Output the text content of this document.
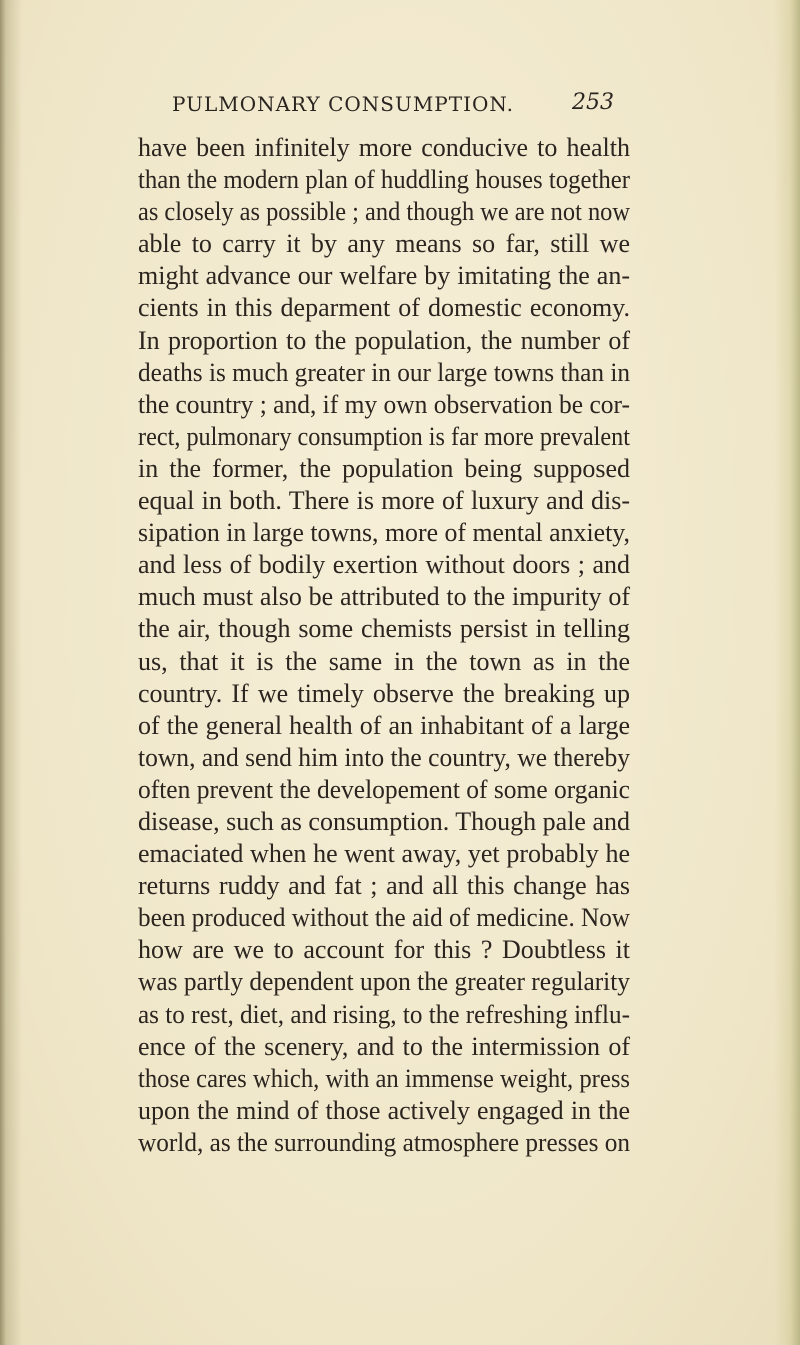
PULMONARY CONSUMPTION.	253
have been infinitely more conducive to health
than the modern plan of huddling houses together
as closely as possible ; and though we are not now
able to carry it by any means so far, still we
might advance our welfare by imitating the an-
cients in this deparment of domestic economy.
In proportion to the population, the number of
deaths is much greater in our large towns than in
the country ; and, if my own observation be cor-
rect, pulmonary consumption is far more prevalent
in the former, the population being supposed
equal in both. There is more of luxury and dis-
sipation in large towns, more of mental anxiety,
and less of bodily exertion without doors ; and
much must also be attributed to the impurity of
the air, though some chemists persist in telling
us, that it is the same in the town as in the
country. If we timely observe the breaking up
of the general health of an inhabitant of a large
town, and send him into the country, we thereby
often prevent the developement of some organic
disease, such as consumption. Though pale and
emaciated when he went away, yet probably he
returns ruddy and fat ; and all this change has
been produced without the aid of medicine. Now
how are we to account for this ? Doubtless it
was partly dependent upon the greater regularity
as to rest, diet, and rising, to the refreshing influ-
ence of the scenery, and to the intermission of
those cares which, with an immense weight, press
upon the mind of those actively engaged in the
world, as the surrounding atmosphere presses on
